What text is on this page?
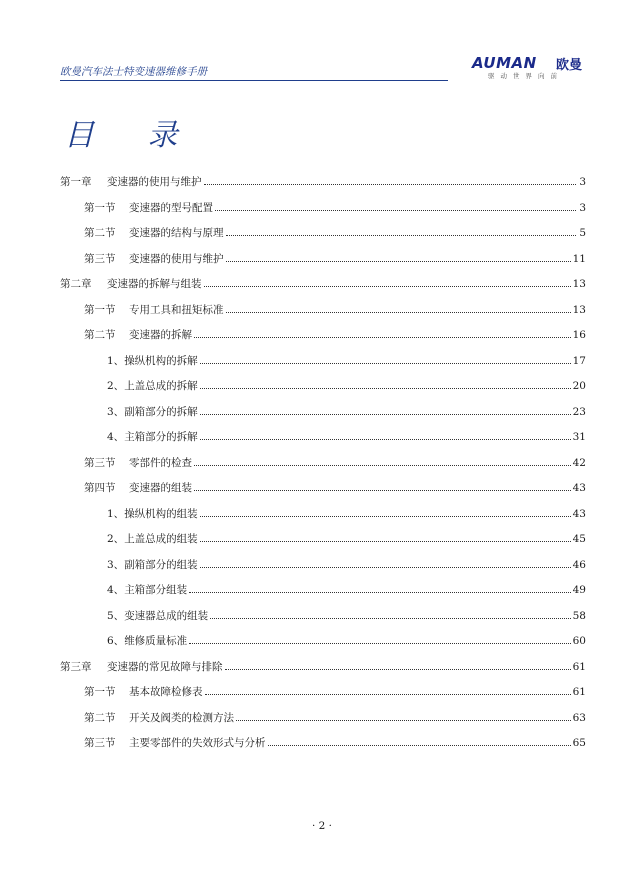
欧曼汽车法士特变速器维修手册	AUMAN 欧曼
驱动世界向前
目 录
第一章	变速器的使用与维护	3
第一节	变速器的型号配置	3
第二节	变速器的结构与原理	5
第三节	变速器的使用与维护	11
第二章	变速器的拆解与组装	13
第一节	专用工具和扭矩标准	13
第二节	变速器的拆解	16
1、 操纵机构的拆解	17
2、 上盖总成的拆解	20
3、 副箱部分的拆解	23
4、 主箱部分的拆解	31
第三节	零部件的检查	42
第四节	变速器的组装	43
1、 操纵机构的组装	43
2、 上盖总成的组装	45
3、 副箱部分的组装	46
4、 主箱部分组装	49
5、 变速器总成的组装	58
6、 维修质量标准	60
第三章	变速器的常见故障与排除	61
第一节	基本故障检修表	61
第二节	开关及阀类的检测方法	63
第三节	主要零部件的失效形式与分析	65
· 2 ·
